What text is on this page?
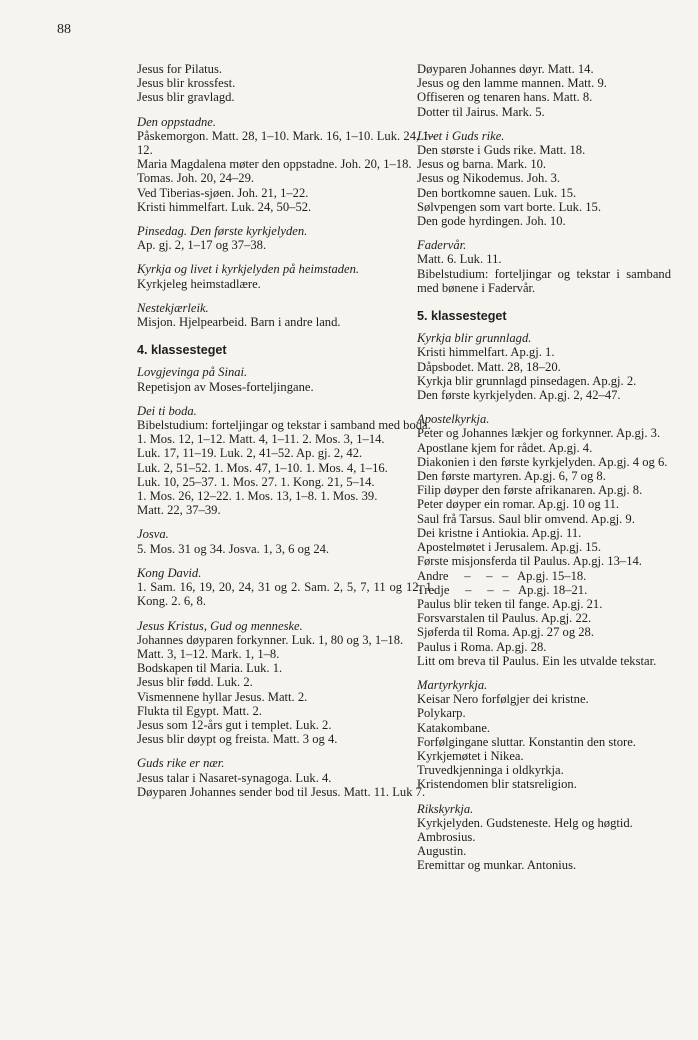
88
Jesus for Pilatus.
Jesus blir krossfest.
Jesus blir gravlagd.
Den oppstadne.
Påskemorgon. Matt. 28, 1–10. Mark. 16, 1–10. Luk. 24, 1–12.
Maria Magdalena møter den oppstadne. Joh. 20, 1–18.
Tomas. Joh. 20, 24–29.
Ved Tiberias-sjøen. Joh. 21, 1–22.
Kristi himmelfart. Luk. 24, 50–52.
Pinsedag. Den første kyrkjelyden.
Ap. gj. 2, 1–17 og 37–38.
Kyrkja og livet i kyrkjelyden på heimstaden.
Kyrkjeleg heimstadlære.
Nestekjærleik.
Misjon. Hjelpearbeid. Barn i andre land.
4. klassesteget
Lovgjevinga på Sinai.
Repetisjon av Moses-forteljingane.
Dei ti boda.
Bibelstudium: forteljingar og tekstar i samband med boda.
1. Mos. 12, 1–12. Matt. 4, 1–11. 2. Mos. 3, 1–14.
Luk. 17, 11–19. Luk. 2, 41–52. Ap. gj. 2, 42.
Luk. 2, 51–52. 1. Mos. 47, 1–10. 1. Mos. 4, 1–16.
Luk. 10, 25–37. 1. Mos. 27. 1. Kong. 21, 5–14.
1. Mos. 26, 12–22. 1. Mos. 13, 1–8. 1. Mos. 39.
Matt. 22, 37–39.
Josva.
5. Mos. 31 og 34. Josva. 1, 3, 6 og 24.
Kong David.
1. Sam. 16, 19, 20, 24, 31 og 2. Sam. 2, 5, 7, 11 og 12. 1. Kong. 2. 6, 8.
Jesus Kristus, Gud og menneske.
Johannes døyparen forkynner. Luk. 1, 80 og 3, 1–18.
Matt. 3, 1–12. Mark. 1, 1–8.
Bodskapen til Maria. Luk. 1.
Jesus blir fødd. Luk. 2.
Vismennene hyllar Jesus. Matt. 2.
Flukta til Egypt. Matt. 2.
Jesus som 12-års gut i templet. Luk. 2.
Jesus blir døypt og freista. Matt. 3 og 4.
Guds rike er nær.
Jesus talar i Nasaret-synagoga. Luk. 4.
Døyparen Johannes sender bod til Jesus. Matt. 11. Luk 7.
Døyparen Johannes døyr. Matt. 14.
Jesus og den lamme mannen. Matt. 9.
Offiseren og tenaren hans. Matt. 8.
Dotter til Jairus. Mark. 5.
Livet i Guds rike.
Den største i Guds rike. Matt. 18.
Jesus og barna. Mark. 10.
Jesus og Nikodemus. Joh. 3.
Den bortkomne sauen. Luk. 15.
Sølvpengen som vart borte. Luk. 15.
Den gode hyrdingen. Joh. 10.
Fadervår.
Matt. 6. Luk. 11.
Bibelstudium: forteljingar og tekstar i samband med bønene i Fadervår.
5. klassesteget
Kyrkja blir grunnlagd.
Kristi himmelfart. Ap.gj. 1.
Dåpsbodet. Matt. 28, 18–20.
Kyrkja blir grunnlagd pinsedagen. Ap.gj. 2.
Den første kyrkjelyden. Ap.gj. 2, 42–47.
Apostelkyrkja.
Peter og Johannes lækjer og forkynner. Ap.gj. 3.
Apostlane kjem for rådet. Ap.gj. 4.
Diakonien i den første kyrkjelyden. Ap.gj. 4 og 6.
Den første martyren. Ap.gj. 6, 7 og 8.
Filip døyper den første afrikanaren. Ap.gj. 8.
Peter døyper ein romar. Ap.gj. 10 og 11.
Saul frå Tarsus. Saul blir omvend. Ap.gj. 9.
Dei kristne i Antiokia. Ap.gj. 11.
Apostelmøtet i Jerusalem. Ap.gj. 15.
Første misjonsferda til Paulus. Ap.gj. 13–14.
Andre     –     –   –   Ap.gj. 15–18.
Tredje     –     –   –   Ap.gj. 18–21.
Paulus blir teken til fange. Ap.gj. 21.
Forsvarstalen til Paulus. Ap.gj. 22.
Sjøferda til Roma. Ap.gj. 27 og 28.
Paulus i Roma. Ap.gj. 28.
Litt om breva til Paulus. Ein les utvalde tekstar.
Martyrkyrkja.
Keisar Nero forfølgjer dei kristne.
Polykarp.
Katakombane.
Forfølgingane sluttar. Konstantin den store.
Kyrkjemøtet i Nikea.
Truvedkjenninga i oldkyrkja.
Kristendomen blir statsreligion.
Rikskyrkja.
Kyrkjelyden. Gudsteneste. Helg og høgtid.
Ambrosius.
Augustin.
Eremittar og munkar. Antonius.
